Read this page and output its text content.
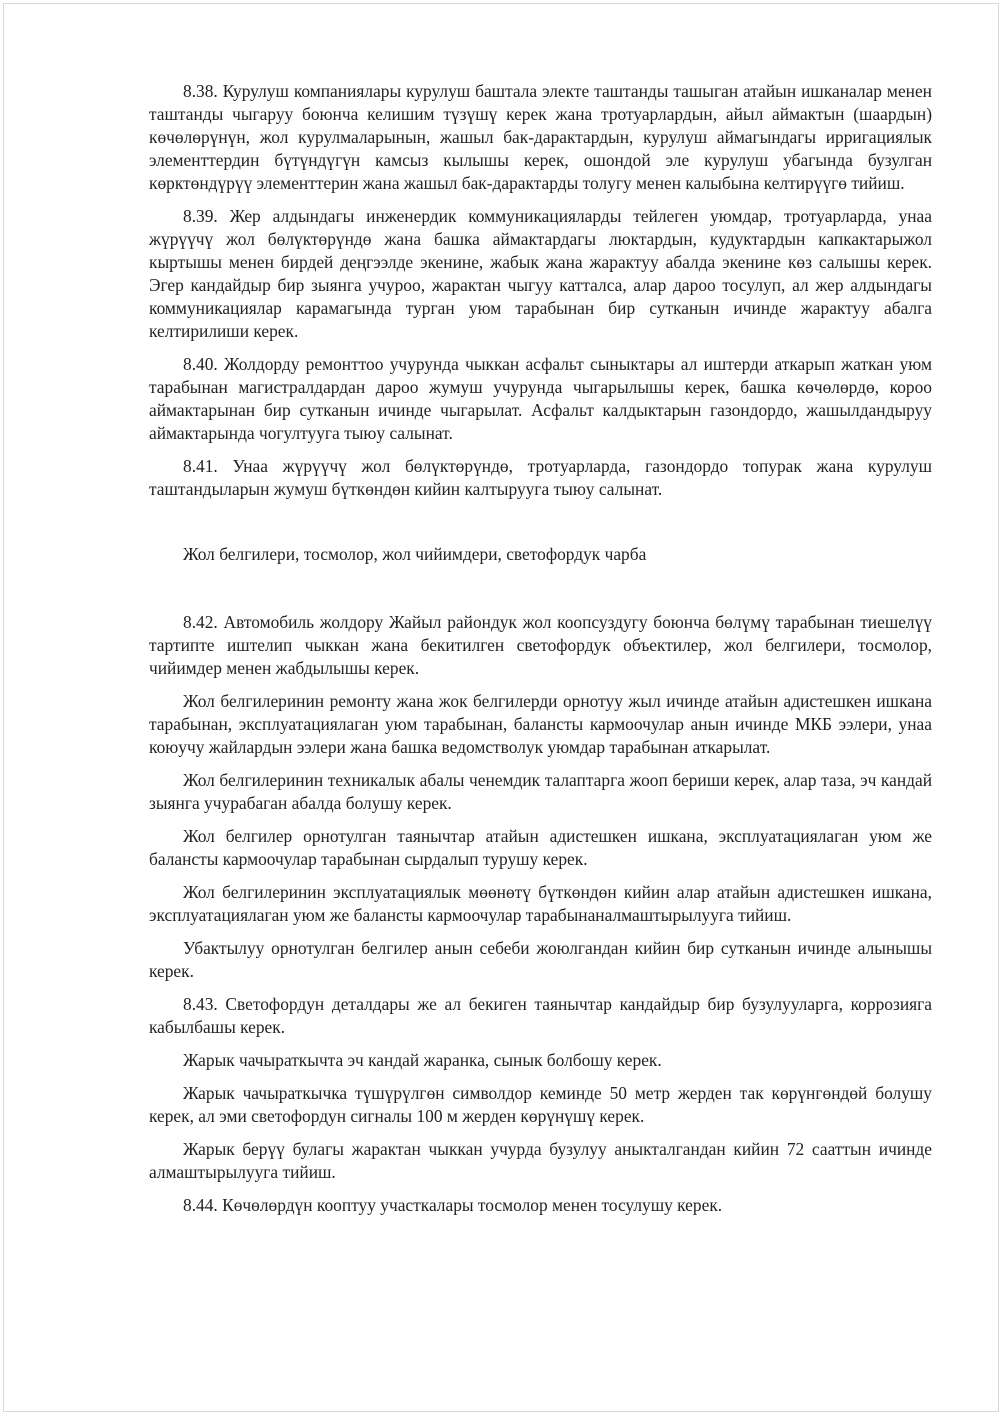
8.38. Курулуш компаниялары курулуш баштала электе таштанды ташыган атайын ишканалар менен таштанды чыгаруу боюнча келишим түзүшү керек жана тротуарлардын, айыл аймактын (шаардын) көчөлөрүнүн, жол курулмаларынын, жашыл бак-дарактардын, курулуш аймагындагы ирригациялык элементтердин бүтүндүгүн камсыз кылышы керек, ошондой эле курулуш убагында бузулган көрктөндүрүү элементтерин жана жашыл бак-дарактарды толугу менен калыбына келтирүүгө тийиш.

8.39. Жер алдындагы инженердик коммуникацияларды тейлеген уюмдар, тротуарларда, унаа жүрүүчү жол бөлүктөрүндө жана башка аймактардагы люктардын, кудуктардын капкактарыжол кыртышы менен бирдей деңгээлде экенине, жабык жана жарактуу абалда экенине көз салышы керек. Эгер кандайдыр бир зыянга учуроо, жарактан чыгуу катталса, алар дароо тосулуп, ал жер алдындагы коммуникациялар карамагында турган уюм тарабынан бир сутканын ичинде жарактуу абалга келтирилиши керек.

8.40. Жолдорду ремонттоо учурунда чыккан асфальт сыныктары ал иштерди аткарып жаткан уюм тарабынан магистралдардан дароо жумуш учурунда чыгарылышы керек, башка көчөлөрдө, короо аймактарынан бир сутканын ичинде чыгарылат. Асфальт калдыктарын газондордо, жашылдандыруу аймактарында чогултууга тыюу салынат.

8.41. Унаа жүрүүчү жол бөлүктөрүндө, тротуарларда, газондордо топурак жана курулуш таштандыларын жумуш бүткөндөн кийин калтырууга тыюу салынат.

Жол белгилери, тосмолор, жол чийимдери, светофордук чарба

8.42. Автомобиль жолдору Жайыл райондук жол коопсуздугу боюнча бөлүмү тарабынан тиешелүү тартипте иштелип чыккан жана бекитилген светофордук объектилер, жол белгилери, тосмолор, чийимдер менен жабдылышы керек.

Жол белгилеринин ремонту жана жок белгилерди орнотуу жыл ичинде атайын адистешкен ишкана тарабынан, эксплуатациялаган уюм тарабынан, балансты кармоочулар анын ичинде МКБ ээлери, унаа коюучу жайлардын ээлери жана башка ведомстволук уюмдар тарабынан аткарылат.

Жол белгилеринин техникалык абалы ченемдик талаптарга жооп бериши керек, алар таза, эч кандай зыянга учурабаган абалда болушу керек.

Жол белгилер орнотулган таянычтар атайын адистешкен ишкана, эксплуатациялаган уюм же балансты кармоочулар тарабынан сырдалып турушу керек.

Жол белгилеринин эксплуатациялык мөөнөтү бүткөндөн кийин алар атайын адистешкен ишкана, эксплуатациялаган уюм же балансты кармоочулар тарабынаналмаштырылууга тийиш.

Убактылуу орнотулган белгилер анын себеби жоюлгандан кийин бир сутканын ичинде алынышы керек.

8.43. Светофордун деталдары же ал бекиген таянычтар кандайдыр бир бузулууларга, коррозияга кабылбашы керек.

Жарык чачыраткычта эч кандай жаранка, сынык болбошу керек.

Жарык чачыраткычка түшүрүлгөн символдор кеминде 50 метр жерден так көрүнгөндөй болушу керек, ал эми светофордун сигналы 100 м жерден көрүнүшү керек.

Жарык берүү булагы жарактан чыккан учурда бузулуу аныкталгандан кийин 72 сааттын ичинде алмаштырылууга тийиш.

8.44. Көчөлөрдүн кооптуу участкалары тосмолор менен тосулушу керек.
